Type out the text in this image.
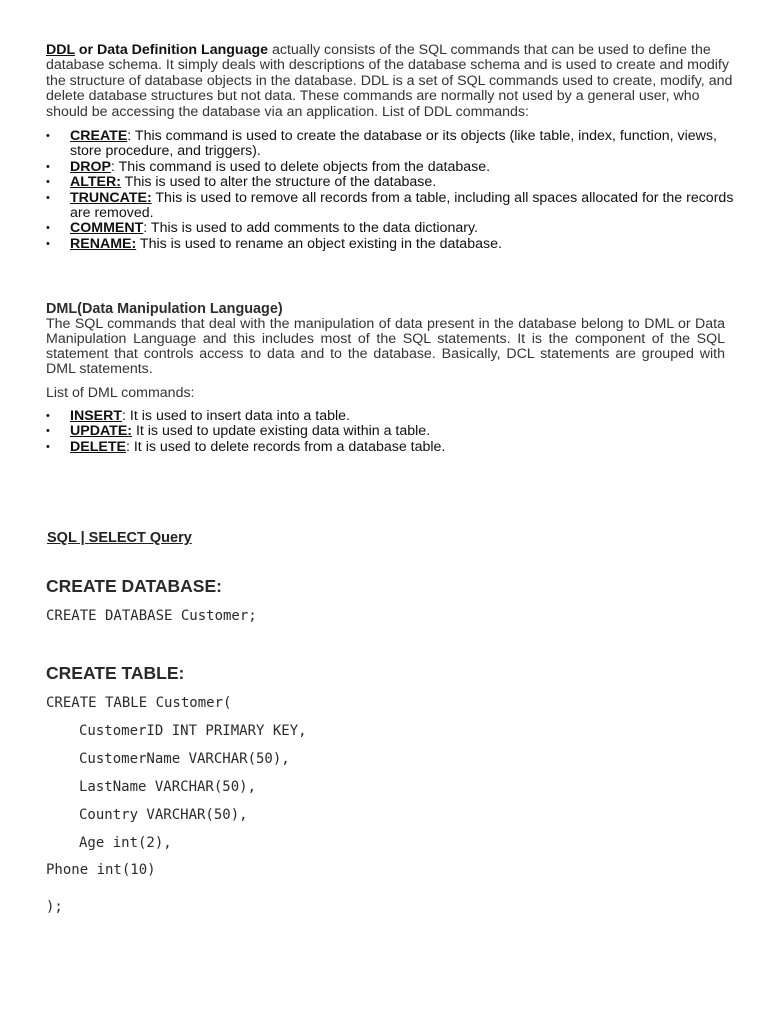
DDL or Data Definition Language actually consists of the SQL commands that can be used to define the database schema. It simply deals with descriptions of the database schema and is used to create and modify the structure of database objects in the database. DDL is a set of SQL commands used to create, modify, and delete database structures but not data. These commands are normally not used by a general user, who should be accessing the database via an application. List of DDL commands:

•	CREATE: This command is used to create the database or its objects (like table, index, function, views, store procedure, and triggers).
•	DROP: This command is used to delete objects from the database.
•	ALTER: This is used to alter the structure of the database.
•	TRUNCATE: This is used to remove all records from a table, including all spaces allocated for the records are removed.
•	COMMENT: This is used to add comments to the data dictionary.
•	RENAME: This is used to rename an object existing in the database.
DML(Data Manipulation Language)

The SQL commands that deal with the manipulation of data present in the database belong to DML or Data Manipulation Language and this includes most of the SQL statements. It is the component of the SQL statement that controls access to data and to the database. Basically, DCL statements are grouped with DML statements.

List of DML commands:
•	INSERT: It is used to insert data into a table.
•	UPDATE: It is used to update existing data within a table.
•	DELETE: It is used to delete records from a database table.
SQL | SELECT Query
CREATE DATABASE:
CREATE DATABASE Customer;
CREATE TABLE:
CREATE TABLE Customer(
CustomerID INT PRIMARY KEY,
CustomerName VARCHAR(50),
LastName VARCHAR(50),
Country VARCHAR(50),
Age int(2),
Phone int(10)
);
